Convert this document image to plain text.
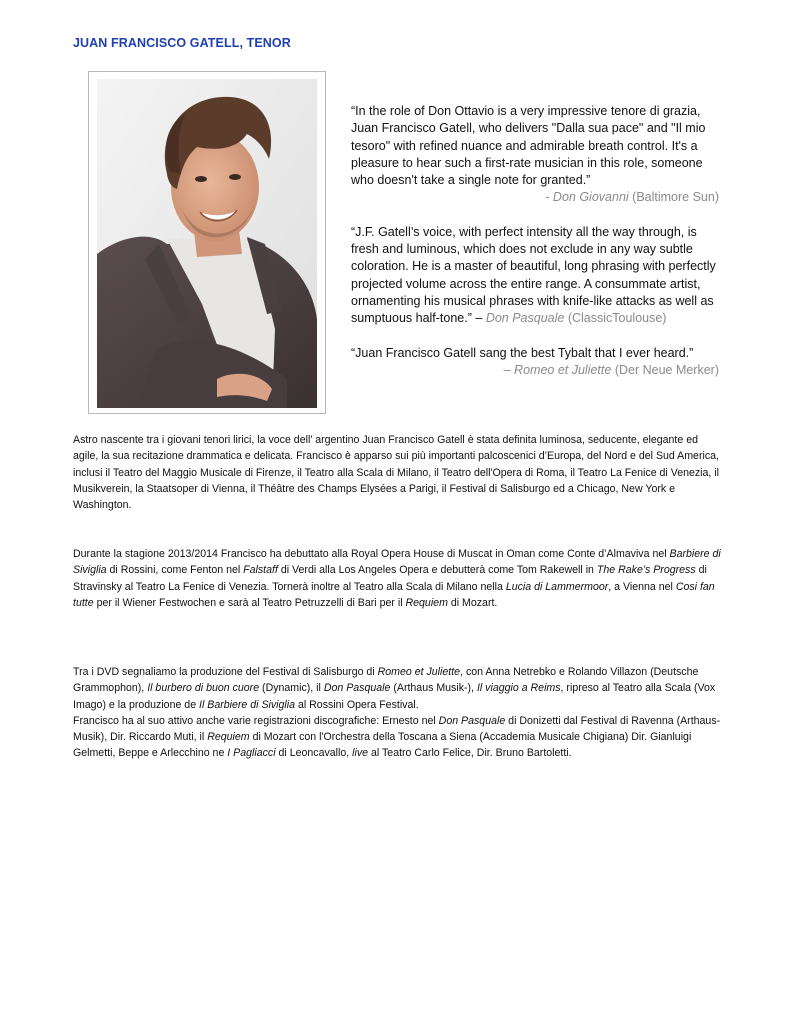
JUAN FRANCISCO GATELL, TENOR
“In the role of Don Ottavio is a very impressive tenore di grazia, Juan Francisco Gatell, who delivers "Dalla sua pace" and "Il mio tesoro" with refined nuance and admirable breath control. It's a pleasure to hear such a first-rate musician in this role, someone who doesn't take a single note for granted.”
- Don Giovanni (Baltimore Sun)
“J.F. Gatell’s voice, with perfect intensity all the way through, is fresh and luminous, which does not exclude in any way subtle coloration. He is a master of beautiful, long phrasing with perfectly projected volume across the entire range. A consummate artist, ornamenting his musical phrases with knife-like attacks as well as sumptuous half-tone.” – Don Pasquale (ClassicToulouse)
“Juan Francisco Gatell sang the best Tybalt that I ever heard.”
– Romeo et Juliette (Der Neue Merker)

Astro nascente tra i giovani tenori lirici, la voce dell’ argentino Juan Francisco Gatell è stata definita luminosa, seducente, elegante ed agile, la sua recitazione drammatica e delicata. Francisco è apparso sui più importanti palcoscenici d’Europa, del Nord e del Sud America, inclusi il Teatro del Maggio Musicale di Firenze, il Teatro alla Scala di Milano, il Teatro dell'Opera di Roma, il Teatro La Fenice di Venezia, il Musikverein, la Staatsoper di Vienna, il Théâtre des Champs Elysées a Parigi, il Festival di Salisburgo ed a Chicago, New York e Washington.

Durante la stagione 2013/2014 Francisco ha debuttato alla Royal Opera House di Muscat in Oman come Conte d’Almaviva nel Barbiere di Siviglia di Rossini, come Fenton nel Falstaff di Verdi alla Los Angeles Opera e debutterà come Tom Rakewell in The Rake’s Progress di Stravinsky al Teatro La Fenice di Venezia. Tornerà inoltre al Teatro alla Scala di Milano nella Lucia di Lammermoor, a Vienna nel Cosi fan tutte per il Wiener Festwochen e sarà al Teatro Petruzzelli di Bari per il Requiem di Mozart.

Tra i DVD segnaliamo la produzione del Festival di Salisburgo di Romeo et Juliette, con Anna Netrebko e Rolando Villazon (Deutsche Grammophon), Il burbero di buon cuore (Dynamic), il Don Pasquale (Arthaus Musik-), Il viaggio a Reims, ripreso al Teatro alla Scala (Vox Imago) e la produzione de Il Barbiere di Siviglia al Rossini Opera Festival.

Francisco ha al suo attivo anche varie registrazioni discografiche: Ernesto nel Don Pasquale di Donizetti dal Festival di Ravenna (Arthaus-Musik), Dir. Riccardo Muti, il Requiem di Mozart con l'Orchestra della Toscana a Siena (Accademia Musicale Chigiana) Dir. Gianluigi Gelmetti, Beppe e Arlecchino ne I Pagliacci di Leoncavallo, live al Teatro Carlo Felice, Dir. Bruno Bartoletti.
